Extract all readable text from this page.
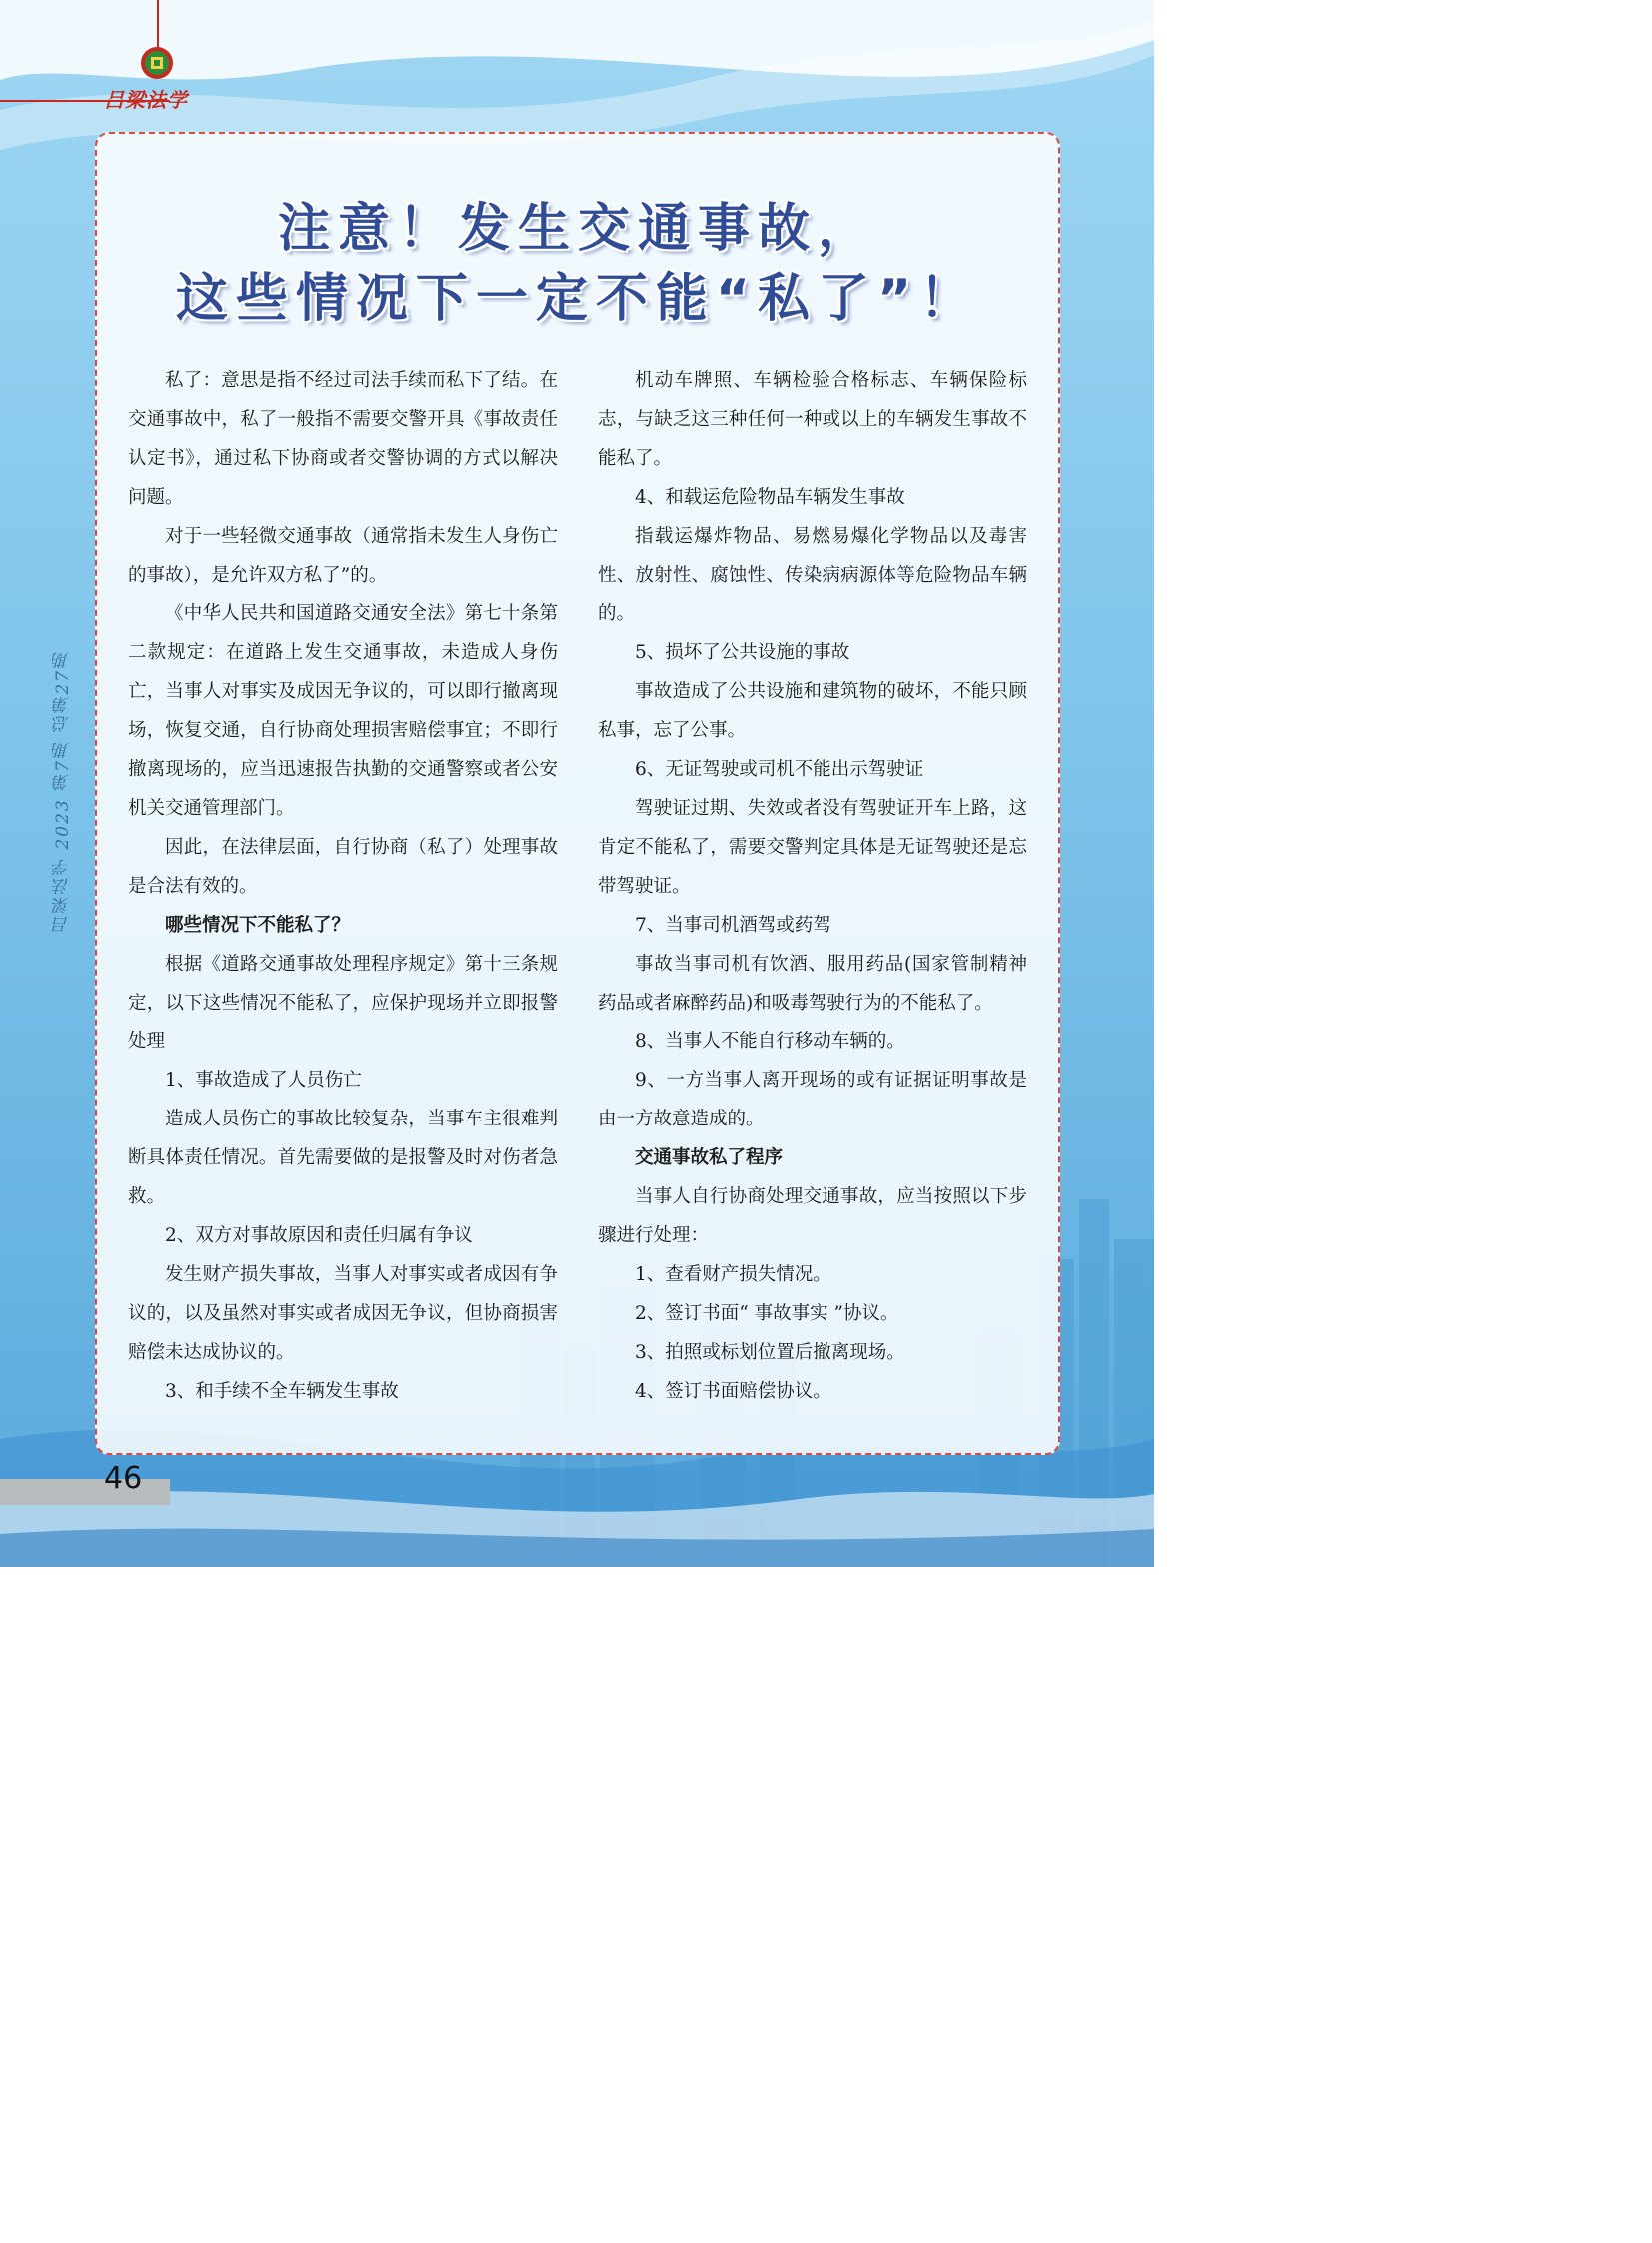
吕梁法学
注意！发生交通事故，
这些情况下一定不能“私了”！

私了：意思是指不经过司法手续而私下了结。在交通事故中，私了一般指不需要交警开具《事故责任认定书》，通过私下协商或者交警协调的方式以解决问题。

对于一些轻微交通事故（通常指未发生人身伤亡的事故），是允许双方私了”的。

《中华人民共和国道路交通安全法》第七十条第二款规定：在道路上发生交通事故，未造成人身伤亡，当事人对事实及成因无争议的，可以即行撤离现场，恢复交通，自行协商处理损害赔偿事宜；不即行撤离现场的，应当迅速报告执勤的交通警察或者公安机关交通管理部门。

因此，在法律层面，自行协商（私了）处理事故是合法有效的。

哪些情况下不能私了？

根据《道路交通事故处理程序规定》第十三条规定，以下这些情况不能私了，应保护现场并立即报警处理

1、事故造成了人员伤亡

造成人员伤亡的事故比较复杂，当事车主很难判断具体责任情况。首先需要做的是报警及时对伤者急救。

2、双方对事故原因和责任归属有争议

发生财产损失事故，当事人对事实或者成因有争议的，以及虽然对事实或者成因无争议，但协商损害赔偿未达成协议的。

3、和手续不全车辆发生事故

机动车牌照、车辆检验合格标志、车辆保险标志，与缺乏这三种任何一种或以上的车辆发生事故不能私了。

4、和载运危险物品车辆发生事故

指载运爆炸物品、易燃易爆化学物品以及毒害性、放射性、腐蚀性、传染病病源体等危险物品车辆的。

5、损坏了公共设施的事故

事故造成了公共设施和建筑物的破坏，不能只顾私事，忘了公事。

6、无证驾驶或司机不能出示驾驶证

驾驶证过期、失效或者没有驾驶证开车上路，这肯定不能私了，需要交警判定具体是无证驾驶还是忘带驾驶证。

7、当事司机酒驾或药驾

事故当事司机有饮酒、服用药品(国家管制精神药品或者麻醉药品)和吸毒驾驶行为的不能私了。

8、当事人不能自行移动车辆的。

9、一方当事人离开现场的或有证据证明事故是由一方故意造成的。

交通事故私了程序

当事人自行协商处理交通事故，应当按照以下步骤进行处理：

1、查看财产损失情况。

2、签订书面“ 事故事实 ”协议。

3、拍照或标划位置后撤离现场。

4、签订书面赔偿协议。

吕梁法学 2023 第7期 总第27期
46
